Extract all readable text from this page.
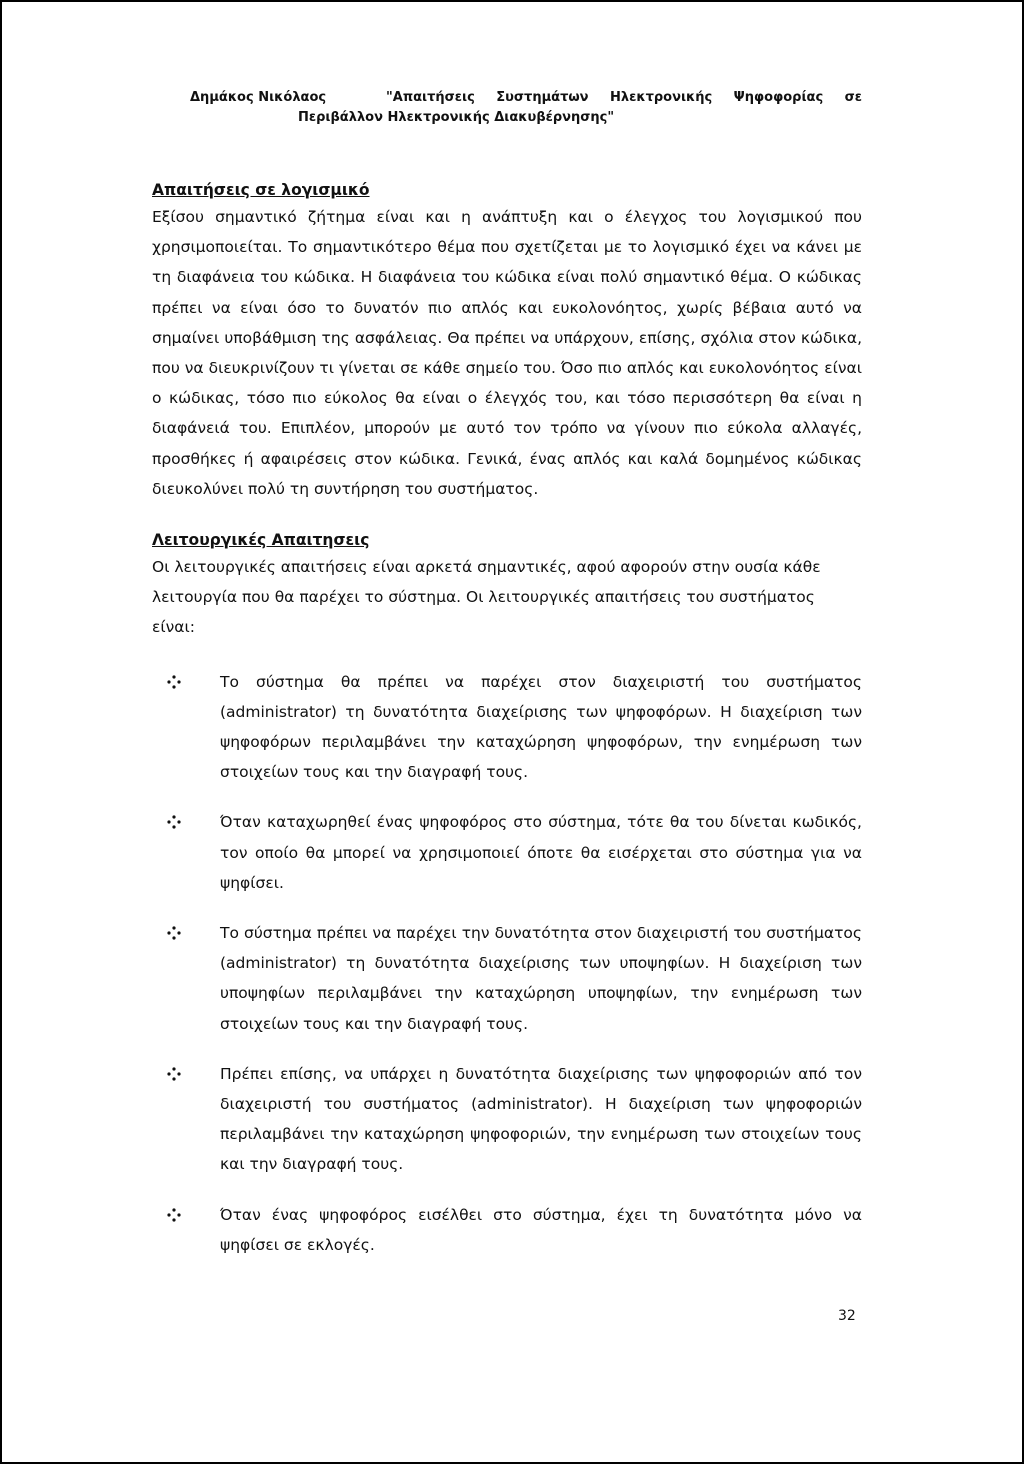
Δημάκος Νικόλαος	"Απαιτήσεις Συστημάτων Ηλεκτρονικής Ψηφοφορίας σε
Περιβάλλον Ηλεκτρονικής Διακυβέρνησης"

Απαιτήσεις σε λογισμικό

Εξίσου σημαντικό ζήτημα είναι και η ανάπτυξη και ο έλεγχος του λογισμικού που χρησιμοποιείται. Το σημαντικότερο θέμα που σχετίζεται με το λογισμικό έχει να κάνει με τη διαφάνεια του κώδικα. Η διαφάνεια του κώδικα είναι πολύ σημαντικό θέμα. Ο κώδικας πρέπει να είναι όσο το δυνατόν πιο απλός και ευκολονόητος, χωρίς βέβαια αυτό να σημαίνει υποβάθμιση της ασφάλειας. Θα πρέπει να υπάρχουν, επίσης, σχόλια στον κώδικα, που να διευκρινίζουν τι γίνεται σε κάθε σημείο του. Όσο πιο απλός και ευκολονόητος είναι ο κώδικας, τόσο πιο εύκολος θα είναι ο έλεγχός του, και τόσο περισσότερη θα είναι η διαφάνειά του. Επιπλέον, μπορούν με αυτό τον τρόπο να γίνουν πιο εύκολα αλλαγές, προσθήκες ή αφαιρέσεις στον κώδικα. Γενικά, ένας απλός και καλά δομημένος κώδικας διευκολύνει πολύ τη συντήρηση του συστήματος.

Λειτουργικές Απαιτησεις

Οι λειτουργικές απαιτήσεις είναι αρκετά σημαντικές, αφού αφορούν στην ουσία κάθε λειτουργία που θα παρέχει το σύστημα. Οι λειτουργικές απαιτήσεις του συστήματος είναι:

Το σύστημα θα πρέπει να παρέχει στον διαχειριστή του συστήματος (administrator) τη δυνατότητα διαχείρισης των ψηφοφόρων. Η διαχείριση των ψηφοφόρων περιλαμβάνει την καταχώρηση ψηφοφόρων, την ενημέρωση των στοιχείων τους και την διαγραφή τους.
Όταν καταχωρηθεί ένας ψηφοφόρος στο σύστημα, τότε θα του δίνεται κωδικός, τον οποίο θα μπορεί να χρησιμοποιεί όποτε θα εισέρχεται στο σύστημα για να ψηφίσει.
Το σύστημα πρέπει να παρέχει την δυνατότητα στον διαχειριστή του συστήματος (administrator) τη δυνατότητα διαχείρισης των υποψηφίων. Η διαχείριση των υποψηφίων περιλαμβάνει την καταχώρηση υποψηφίων, την ενημέρωση των στοιχείων τους και την διαγραφή τους.
Πρέπει επίσης, να υπάρχει η δυνατότητα διαχείρισης των ψηφοφοριών από τον διαχειριστή του συστήματος (administrator). Η διαχείριση των ψηφοφοριών περιλαμβάνει την καταχώρηση ψηφοφοριών, την ενημέρωση των στοιχείων τους και την διαγραφή τους.
Όταν ένας ψηφοφόρος εισέλθει στο σύστημα, έχει τη δυνατότητα μόνο να ψηφίσει σε εκλογές.
32
